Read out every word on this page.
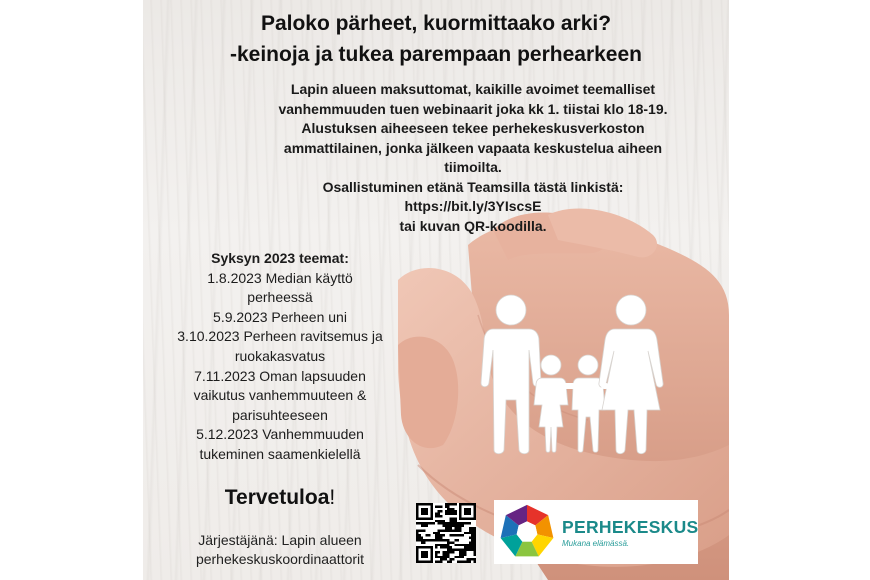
Paloko pärheet, kuormittaako arki?
-keinoja ja tukea parempaan perhearkeen
Lapin alueen maksuttomat, kaikille avoimet teemalliset
vanhemmuuden tuen webinaarit joka kk 1. tiistai klo 18-19.
Alustuksen aiheeseen tekee perhekeskusverkoston
ammattilainen, jonka jälkeen vapaata keskustelua aiheen
tiimoilta.
Osallistuminen etänä Teamsilla tästä linkistä:
https://bit.ly/3YIscsE
tai kuvan QR-koodilla.
Syksyn 2023 teemat:
1.8.2023 Median käyttö
perheessä
5.9.2023 Perheen uni
3.10.2023 Perheen ravitsemus ja
ruokakasvatus
7.11.2023 Oman lapsuuden
vaikutus vanhemmuuteen &
parisuhteeseen
5.12.2023 Vanhemmuuden
tukeminen saamenkielellä
Tervetuloa!
Järjestäjänä: Lapin alueen
perhekeskuskoordinaattorit
PERHEKESKUS
Mukana elämässä.
